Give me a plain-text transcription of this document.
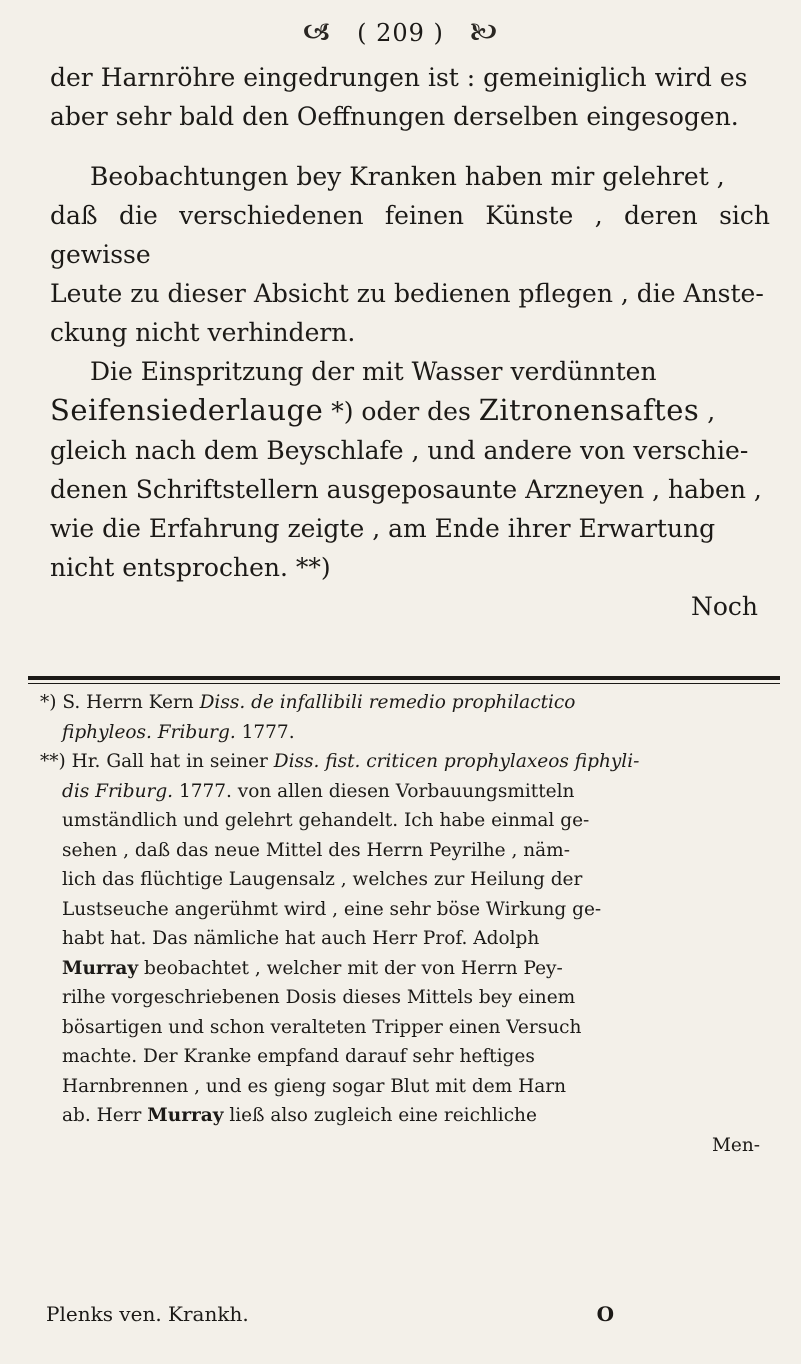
🙦 ( 209 ) 🙤

der Harnröhre eingedrungen ist : gemeiniglich wird es

aber sehr bald den Oeffnungen derselben eingesogen.

Beobachtungen bey Kranken haben mir gelehret ,

daß die verschiedenen feinen Künste , deren sich gewisse

Leute zu dieser Absicht zu bedienen pflegen , die Anste-

ckung nicht verhindern.

Die Einspritzung der mit Wasser verdünnten

Seifensiederlauge *) oder des Zitronensaftes ,

gleich nach dem Beyschlafe , und andere von verschie-

denen Schriftstellern ausgeposaunte Arzneyen , haben ,

wie die Erfahrung zeigte , am Ende ihrer Erwartung

nicht entsprochen. **)

Noch

*) S. Herrn Kern Diss. de infallibili remedio prophilactico
fiphyleos. Friburg. 1777.

**) Hr. Gall hat in seiner Diss. fist. criticen prophylaxeos fiphyli-
dis Friburg. 1777. von allen diesen Vorbauungsmitteln
umständlich und gelehrt gehandelt. Ich habe einmal ge-
sehen , daß das neue Mittel des Herrn Peyrilhe , näm-
lich das flüchtige Laugensalz , welches zur Heilung der
Lustseuche angerühmt wird , eine sehr böse Wirkung ge-
habt hat. Das nämliche hat auch Herr Prof. Adolph
Murray beobachtet , welcher mit der von Herrn Pey-
rilhe vorgeschriebenen Dosis dieses Mittels bey einem
bösartigen und schon veralteten Tripper einen Versuch
machte. Der Kranke empfand darauf sehr heftiges
Harnbrennen , und es gieng sogar Blut mit dem Harn
ab. Herr Murray ließ also zugleich eine reichliche

Men-

Plenks ven. Krankh.	O
